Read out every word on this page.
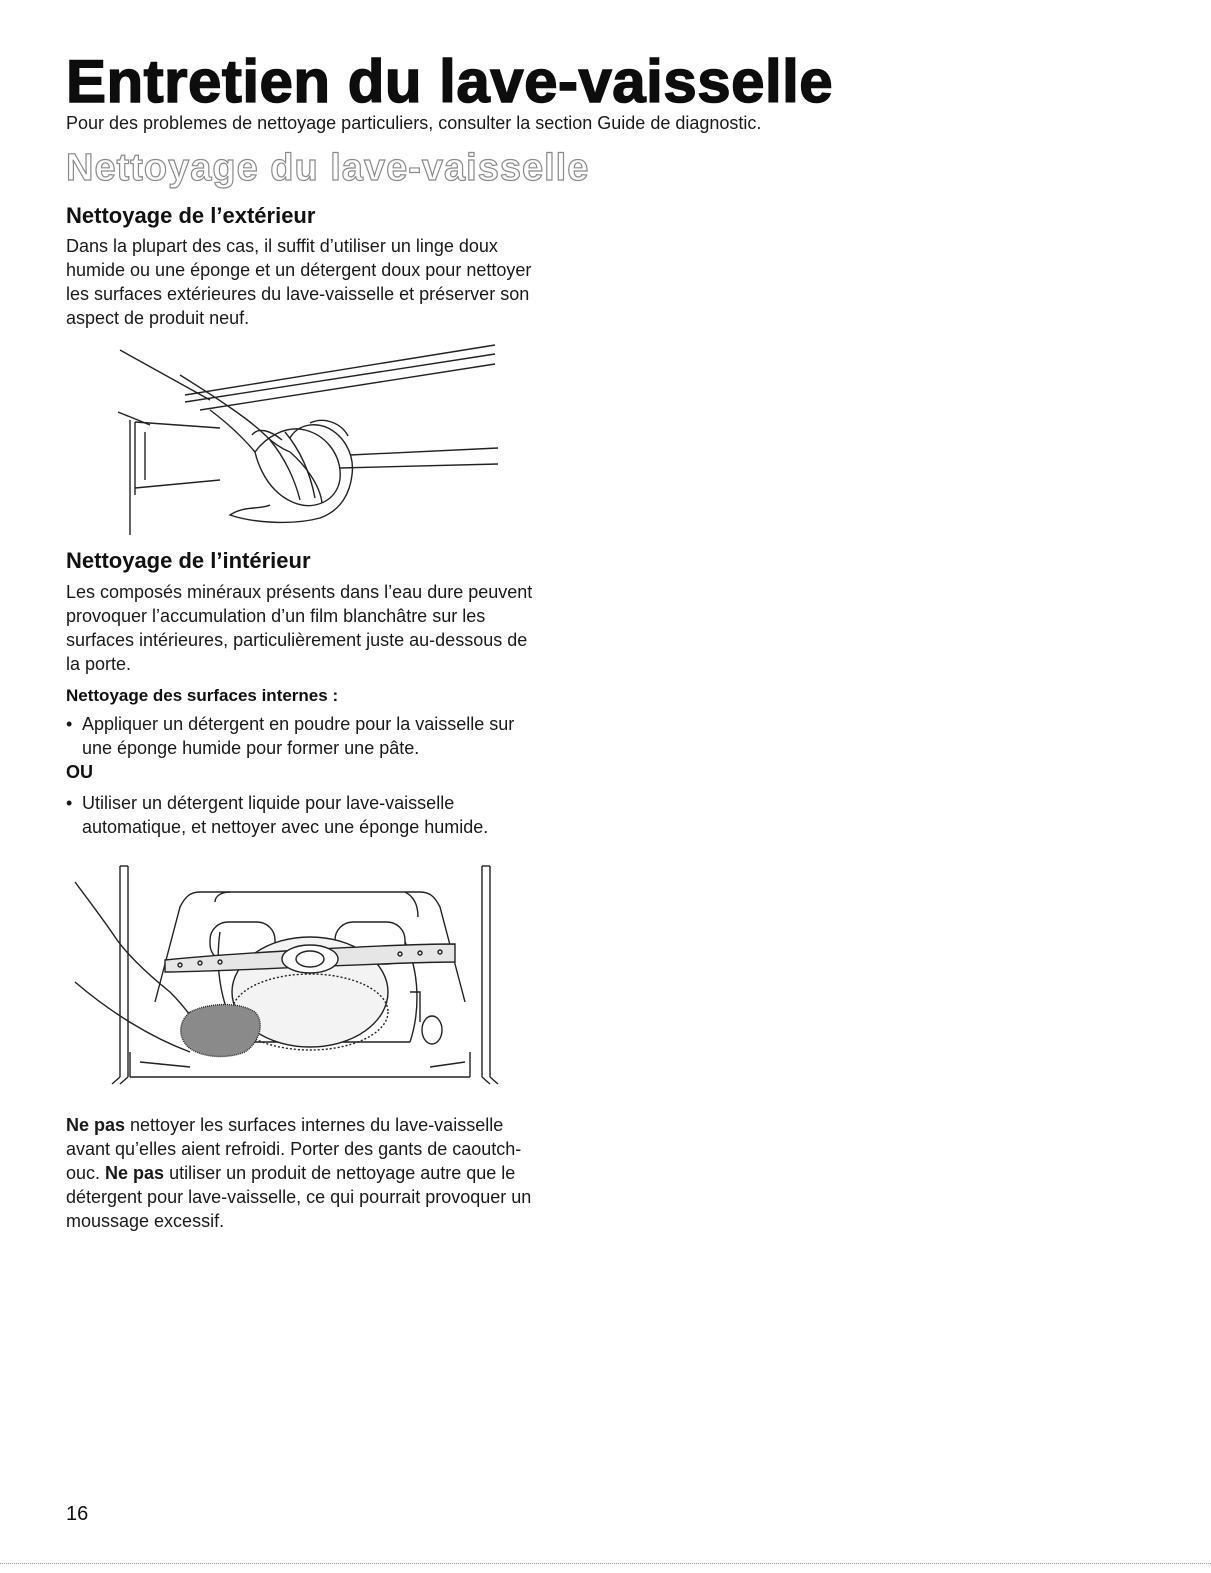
Entretien du lave-vaisselle

Pour des problemes de nettoyage particuliers, consulter la section Guide de diagnostic.

Nettoyage du lave-vaisselle
Nettoyage de l’extérieur
Dans la plupart des cas, il suffit d’utiliser un linge doux
humide ou une éponge et un détergent doux pour nettoyer
les surfaces extérieures du lave-vaisselle et préserver son
aspect de produit neuf.
Nettoyage de l’intérieur
Les composés minéraux présents dans l’eau dure peuvent
provoquer l’accumulation d’un film blanchâtre sur les
surfaces intérieures, particulièrement juste au-dessous de
la porte.
Nettoyage des surfaces internes :
• Appliquer un détergent en poudre pour la vaisselle sur
une éponge humide pour former une pâte.
OU
• Utiliser un détergent liquide pour lave-vaisselle
automatique, et nettoyer avec une éponge humide.
Ne pas nettoyer les surfaces internes du lave-vaisselle
avant qu’elles aient refroidi. Porter des gants de caoutch-
ouc. Ne pas utiliser un produit de nettoyage autre que le
détergent pour lave-vaisselle, ce qui pourrait provoquer un
moussage excessif.
16
